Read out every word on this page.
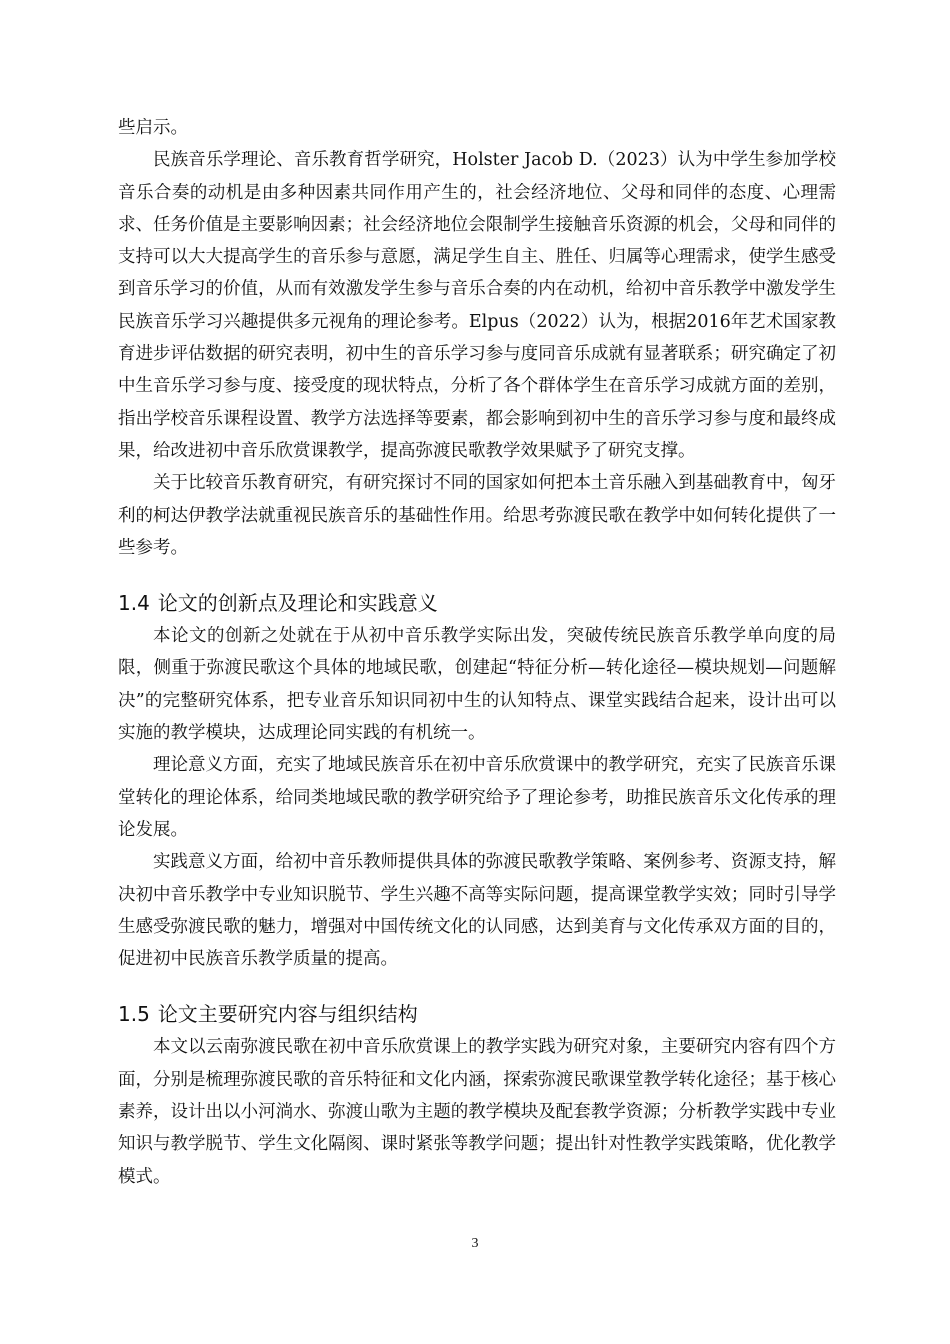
些启示。

民族音乐学理论、音乐教育哲学研究，Holster Jacob D.（2023）认为中学生参加学校音乐合奏的动机是由多种因素共同作用产生的，社会经济地位、父母和同伴的态度、心理需求、任务价值是主要影响因素；社会经济地位会限制学生接触音乐资源的机会，父母和同伴的支持可以大大提高学生的音乐参与意愿，满足学生自主、胜任、归属等心理需求，使学生感受到音乐学习的价值，从而有效激发学生参与音乐合奏的内在动机，给初中音乐教学中激发学生民族音乐学习兴趣提供多元视角的理论参考。Elpus（2022）认为，根据2016年艺术国家教育进步评估数据的研究表明，初中生的音乐学习参与度同音乐成就有显著联系；研究确定了初中生音乐学习参与度、接受度的现状特点，分析了各个群体学生在音乐学习成就方面的差别，指出学校音乐课程设置、教学方法选择等要素，都会影响到初中生的音乐学习参与度和最终成果，给改进初中音乐欣赏课教学，提高弥渡民歌教学效果赋予了研究支撑。

关于比较音乐教育研究，有研究探讨不同的国家如何把本土音乐融入到基础教育中，匈牙利的柯达伊教学法就重视民族音乐的基础性作用。给思考弥渡民歌在教学中如何转化提供了一些参考。

1.4 论文的创新点及理论和实践意义

本论文的创新之处就在于从初中音乐教学实际出发，突破传统民族音乐教学单向度的局限，侧重于弥渡民歌这个具体的地域民歌，创建起“特征分析—转化途径—模块规划—问题解决”的完整研究体系，把专业音乐知识同初中生的认知特点、课堂实践结合起来，设计出可以实施的教学模块，达成理论同实践的有机统一。

理论意义方面，充实了地域民族音乐在初中音乐欣赏课中的教学研究，充实了民族音乐课堂转化的理论体系，给同类地域民歌的教学研究给予了理论参考，助推民族音乐文化传承的理论发展。

实践意义方面，给初中音乐教师提供具体的弥渡民歌教学策略、案例参考、资源支持，解决初中音乐教学中专业知识脱节、学生兴趣不高等实际问题，提高课堂教学实效；同时引导学生感受弥渡民歌的魅力，增强对中国传统文化的认同感，达到美育与文化传承双方面的目的，促进初中民族音乐教学质量的提高。

1.5 论文主要研究内容与组织结构

本文以云南弥渡民歌在初中音乐欣赏课上的教学实践为研究对象，主要研究内容有四个方面，分别是梳理弥渡民歌的音乐特征和文化内涵，探索弥渡民歌课堂教学转化途径；基于核心素养，设计出以小河淌水、弥渡山歌为主题的教学模块及配套教学资源；分析教学实践中专业知识与教学脱节、学生文化隔阂、课时紧张等教学问题；提出针对性教学实践策略，优化教学模式。

3
